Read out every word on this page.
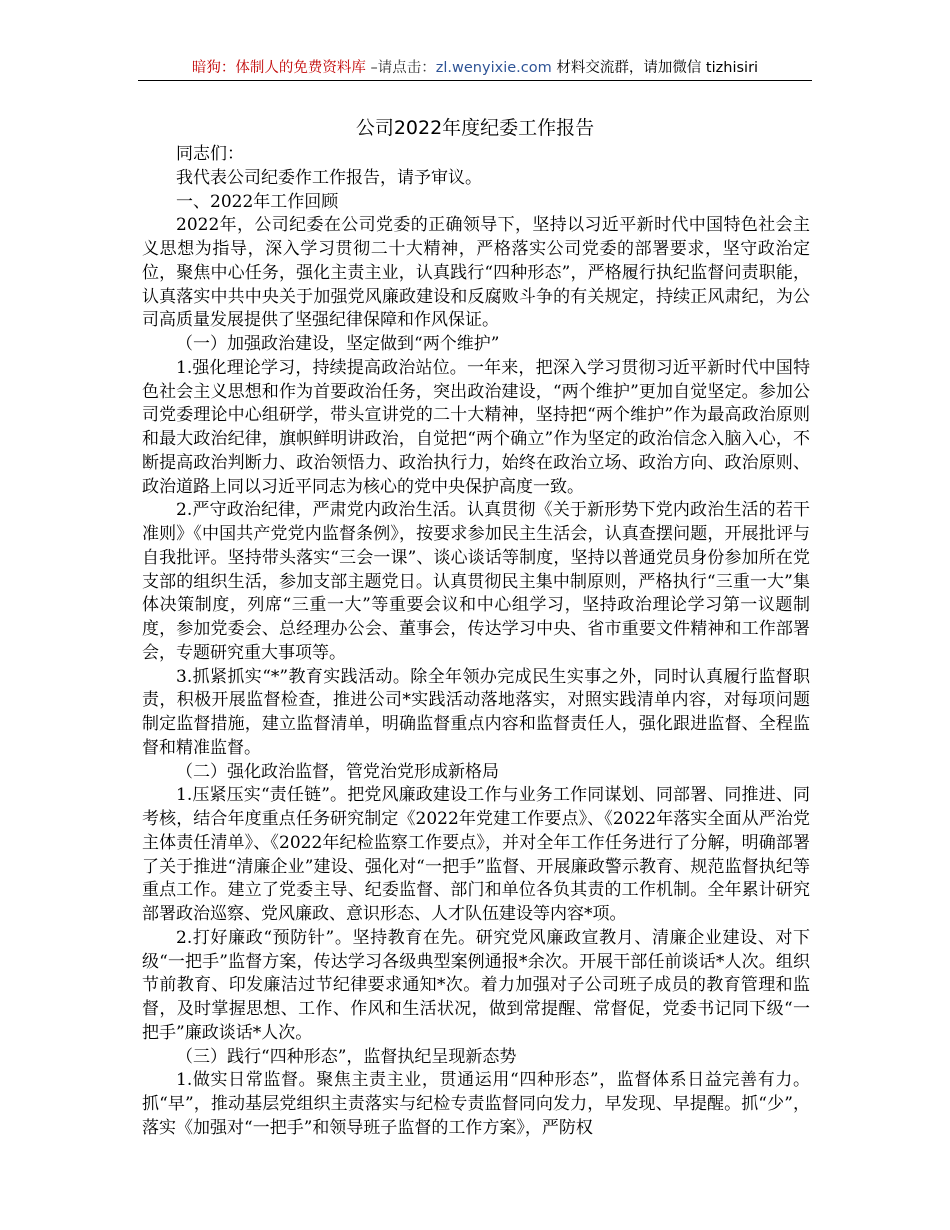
暗狗：体制人的免费资料库 –请点击：zl.wenyixie.com 材料交流群，请加微信 tizhisiri
公司2022年度纪委工作报告

同志们：

我代表公司纪委作工作报告，请予审议。

一、2022年工作回顾

2022年，公司纪委在公司党委的正确领导下，坚持以习近平新时代中国特色社会主义思想为指导，深入学习贯彻二十大精神，严格落实公司党委的部署要求，坚守政治定位，聚焦中心任务，强化主责主业，认真践行“四种形态”，严格履行执纪监督问责职能，认真落实中共中央关于加强党风廉政建设和反腐败斗争的有关规定，持续正风肃纪，为公司高质量发展提供了坚强纪律保障和作风保证。

（一）加强政治建设，坚定做到“两个维护”

1.强化理论学习，持续提高政治站位。一年来，把深入学习贯彻习近平新时代中国特色社会主义思想和作为首要政治任务，突出政治建设，“两个维护”更加自觉坚定。参加公司党委理论中心组研学，带头宣讲党的二十大精神，坚持把“两个维护”作为最高政治原则和最大政治纪律，旗帜鲜明讲政治，自觉把“两个确立”作为坚定的政治信念入脑入心，不断提高政治判断力、政治领悟力、政治执行力，始终在政治立场、政治方向、政治原则、政治道路上同以习近平同志为核心的党中央保护高度一致。

2.严守政治纪律，严肃党内政治生活。认真贯彻《关于新形势下党内政治生活的若干准则》《中国共产党党内监督条例》，按要求参加民主生活会，认真查摆问题，开展批评与自我批评。坚持带头落实“三会一课”、谈心谈话等制度，坚持以普通党员身份参加所在党支部的组织生活，参加支部主题党日。认真贯彻民主集中制原则，严格执行“三重一大”集体决策制度，列席“三重一大”等重要会议和中心组学习，坚持政治理论学习第一议题制度，参加党委会、总经理办公会、董事会，传达学习中央、省市重要文件精神和工作部署会，专题研究重大事项等。

3.抓紧抓实“*”教育实践活动。除全年领办完成民生实事之外，同时认真履行监督职责，积极开展监督检查，推进公司*实践活动落地落实，对照实践清单内容，对每项问题制定监督措施，建立监督清单，明确监督重点内容和监督责任人，强化跟进监督、全程监督和精准监督。

（二）强化政治监督，管党治党形成新格局

1.压紧压实“责任链”。把党风廉政建设工作与业务工作同谋划、同部署、同推进、同考核，结合年度重点任务研究制定《2022年党建工作要点》、《2022年落实全面从严治党主体责任清单》、《2022年纪检监察工作要点》，并对全年工作任务进行了分解，明确部署了关于推进“清廉企业”建设、强化对“一把手”监督、开展廉政警示教育、规范监督执纪等重点工作。建立了党委主导、纪委监督、部门和单位各负其责的工作机制。全年累计研究部署政治巡察、党风廉政、意识形态、人才队伍建设等内容*项。

2.打好廉政“预防针”。坚持教育在先。研究党风廉政宣教月、清廉企业建设、对下级“一把手”监督方案，传达学习各级典型案例通报*余次。开展干部任前谈话*人次。组织节前教育、印发廉洁过节纪律要求通知*次。着力加强对子公司班子成员的教育管理和监督，及时掌握思想、工作、作风和生活状况，做到常提醒、常督促，党委书记同下级“一把手”廉政谈话*人次。

（三）践行“四种形态”，监督执纪呈现新态势

1.做实日常监督。聚焦主责主业，贯通运用“四种形态”，监督体系日益完善有力。抓“早”，推动基层党组织主责落实与纪检专责监督同向发力，早发现、早提醒。抓“少”，落实《加强对“一把手”和领导班子监督的工作方案》，严防权
